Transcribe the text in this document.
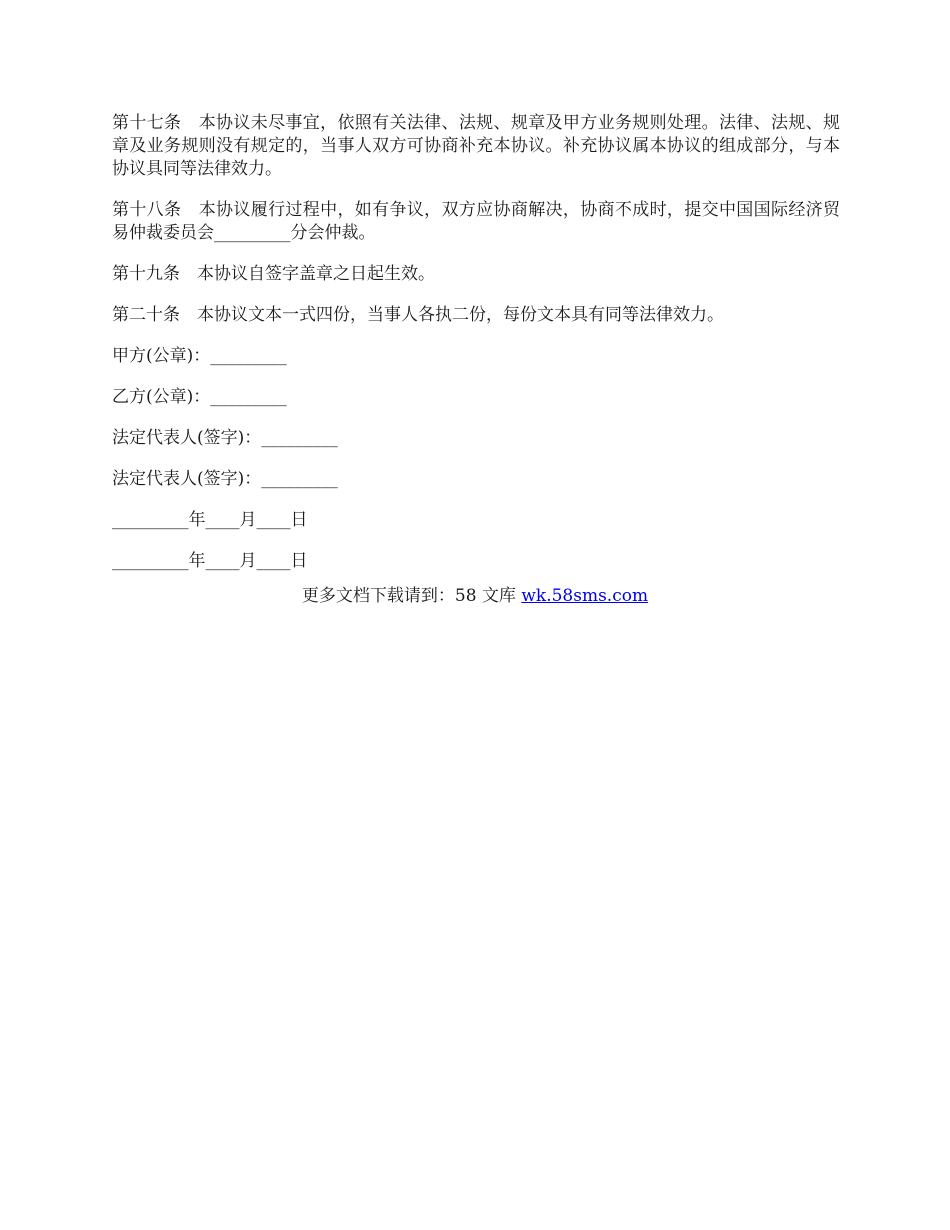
第十七条　 本协议未尽事宜，依照有关法律、法规、规章及甲方业务规则处理。法律、法规、规章及业务规则没有规定的，当事人双方可协商补充本协议。补充协议属本协议的组成部分，与本协议具同等法律效力。

第十八条　 本协议履行过程中，如有争议，双方应协商解决，协商不成时，提交中国国际经济贸易仲裁委员会_________分会仲裁。

第十九条　 本协议自签字盖章之日起生效。

第二十条　 本协议文本一式四份，当事人各执二份，每份文本具有同等法律效力。

甲方(公章)：_________

乙方(公章)：_________

法定代表人(签字)：_________

法定代表人(签字)：_________

_________年____月____日

_________年____月____日

更多文档下载请到：58 文库 wk.58sms.com
